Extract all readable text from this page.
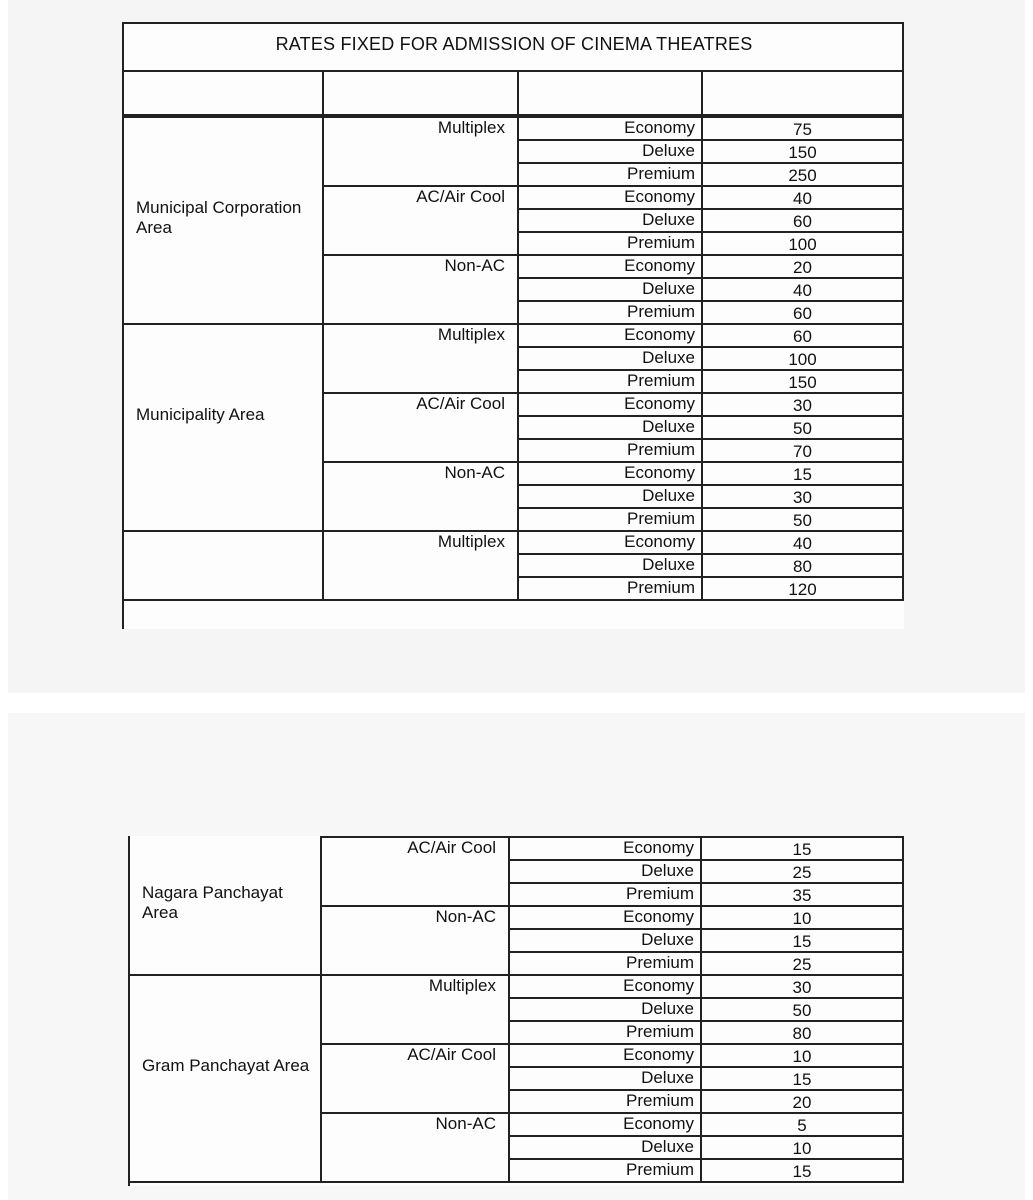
RATES FIXED FOR ADMISSION OF CINEMA THEATRES
Municipal Corporation Area
Multiplex	Economy	75
Deluxe	150
Premium	250
AC/Air Cool	Economy	40
Deluxe	60
Premium	100
Non-AC	Economy	20
Deluxe	40
Premium	60
Municipality Area
Multiplex	Economy	60
Deluxe	100
Premium	150
AC/Air Cool	Economy	30
Deluxe	50
Premium	70
Non-AC	Economy	15
Deluxe	30
Premium	50
Multiplex	Economy	40
Deluxe	80
Premium	120
Nagara Panchayat Area
AC/Air Cool	Economy	15
Deluxe	25
Premium	35
Non-AC	Economy	10
Deluxe	15
Premium	25
Gram Panchayat Area
Multiplex	Economy	30
Deluxe	50
Premium	80
AC/Air Cool	Economy	10
Deluxe	15
Premium	20
Non-AC	Economy	5
Deluxe	10
Premium	15
